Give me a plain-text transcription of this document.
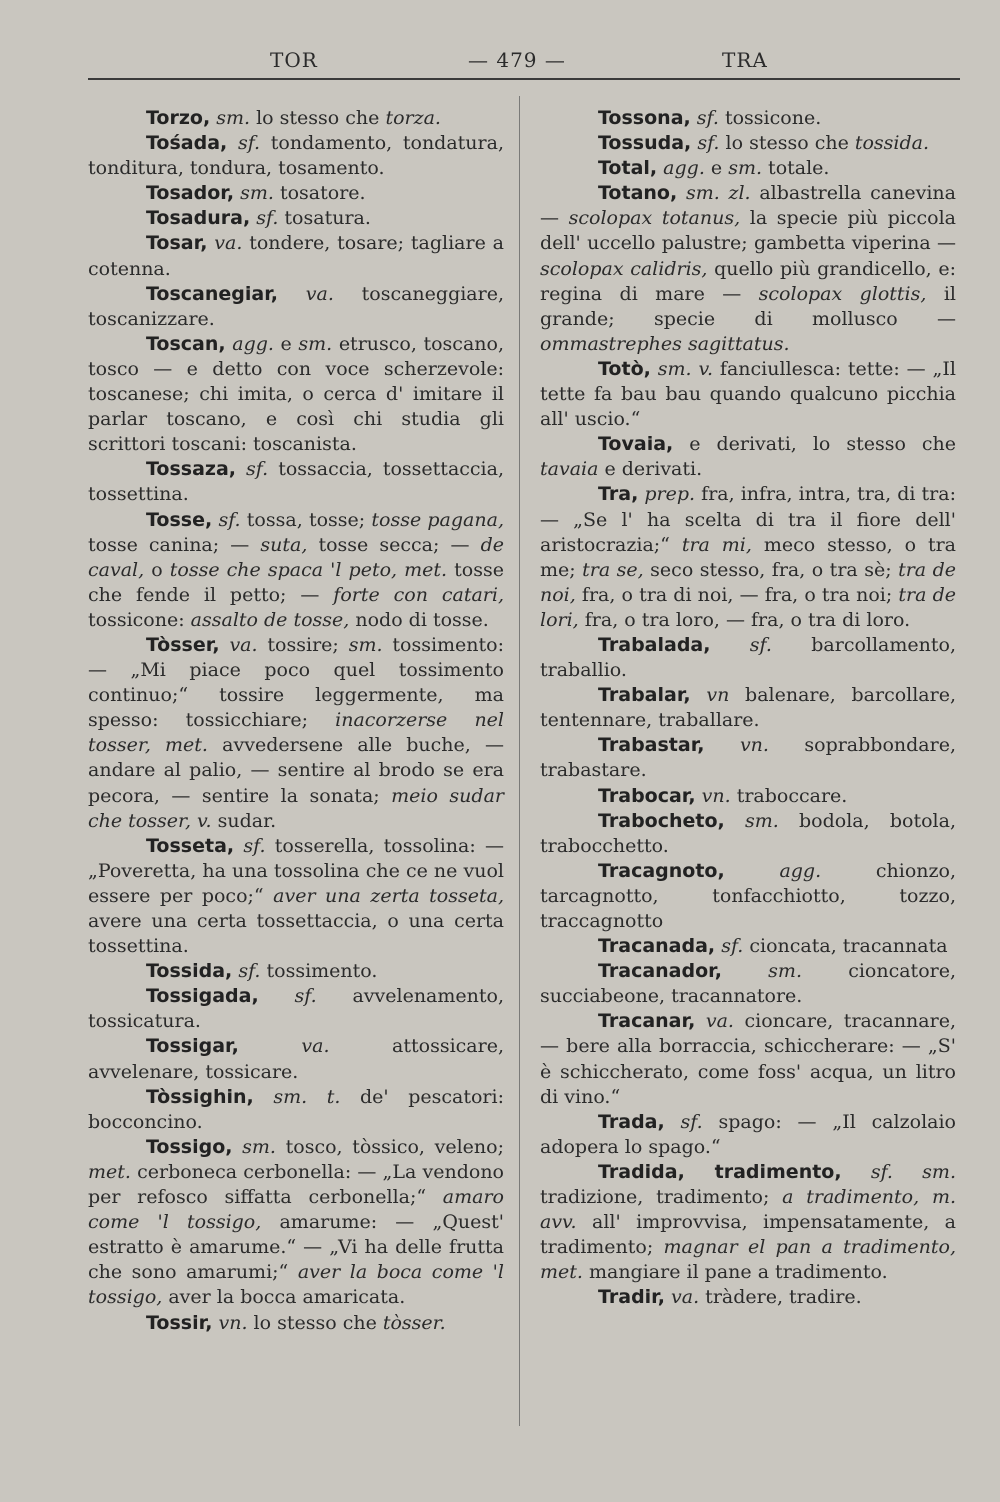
TOR	— 479 —	TRA

Torzo, sm. lo stesso che torza.

Tośada, sf. tondamento, tondatura, tonditura, tondura, tosamento.

Tosador, sm. tosatore.

Tosadura, sf. tosatura.

Tosar, va. tondere, tosare; tagliare a cotenna.

Toscanegiar, va. toscaneggiare, toscanizzare.

Toscan, agg. e sm. etrusco, toscano, tosco — e detto con voce scherzevole: toscanese; chi imita, o cerca d' imitare il parlar toscano, e così chi studia gli scrittori toscani: toscanista.

Tossaza, sf. tossaccia, tossettaccia, tossettina.

Tosse, sf. tossa, tosse; tosse pagana, tosse canina; — suta, tosse secca; — de caval, o tosse che spaca 'l peto, met. tosse che fende il petto; — forte con catari, tossicone: assalto de tosse, nodo di tosse.

Tòsser, va. tossire; sm. tossimento: — „Mi piace poco quel tossimento continuo;“ tossire leggermente, ma spesso: tossicchiare; inacorzerse nel tosser, met. avvedersene alle buche, — andare al palio, — sentire al brodo se era pecora, — sentire la sonata; meio sudar che tosser, v. sudar.

Tosseta, sf. tosserella, tossolina: — „Poveretta, ha una tossolina che ce ne vuol essere per poco;“ aver una zerta tosseta, avere una certa tossettaccia, o una certa tossettina.

Tossida, sf. tossimento.

Tossigada, sf. avvelenamento, tossicatura.

Tossigar,	va. attossicare, avvelenare, tossicare.

Tòssighin, sm. t. de' pescatori: bocconcino.

Tossigo, sm. tosco, tòssico, veleno; met. cerboneca cerbonella: — „La vendono per refosco siffatta cerbonella;“ amaro come 'l tossigo, amarume: — „Quest' estratto è amarume.“ — „Vi ha delle frutta che sono amarumi;“ aver la boca come 'l tossigo, aver la bocca amaricata.

Tossir, vn. lo stesso che tòsser.

Tossona, sf. tossicone.

Tossuda, sf. lo stesso che tossida.

Total, agg. e sm. totale.

Totano, sm. zl. albastrella canevina — scolopax totanus, la specie più piccola dell' uccello palustre; gambetta viperina — scolopax calidris, quello più grandicello, e: regina di mare — scolopax glottis, il grande; specie di mollusco — ommastrephes sagittatus.

Totò, sm. v. fanciullesca: tette: — „Il tette fa bau bau quando qualcuno picchia all' uscio.“

Tovaia, e derivati, lo stesso che tavaia e derivati.

Tra, prep. fra, infra, intra, tra, di tra: — „Se l' ha scelta di tra il fiore dell' aristocrazia;“ tra mi, meco stesso, o tra me; tra se, seco stesso, fra, o tra sè; tra de noi, fra, o tra di noi, — fra, o tra noi; tra de lori, fra, o tra loro, — fra, o tra di loro.

Trabalada, sf. barcollamento, traballio.

Trabalar, vn balenare, barcollare, tentennare, traballare.

Trabastar, vn. soprabbondare, trabastare.

Trabocar, vn. traboccare.

Trabocheto, sm. bodola, botola, trabocchetto.

Tracagnoto,	agg. chionzo, tarcagnotto, tonfacchiotto, tozzo, traccagnotto

Tracanada, sf. cioncata, tracannata

Tracanador, sm. cioncatore, succiabeone, tracannatore.

Tracanar, va. cioncare, tracannare, — bere alla borraccia, schiccherare: — „S' è schiccherato, come foss' acqua, un litro di vino.“

Trada, sf. spago: — „Il calzolaio adopera lo spago.“

Tradida, tradimento, sf. sm. tradizione, tradimento; a tradimento, m. avv. all' improvvisa, impensatamente, a tradimento; magnar el pan a tradimento, met. mangiare il pane a tradimento.

Tradir, va. tràdere, tradire.
